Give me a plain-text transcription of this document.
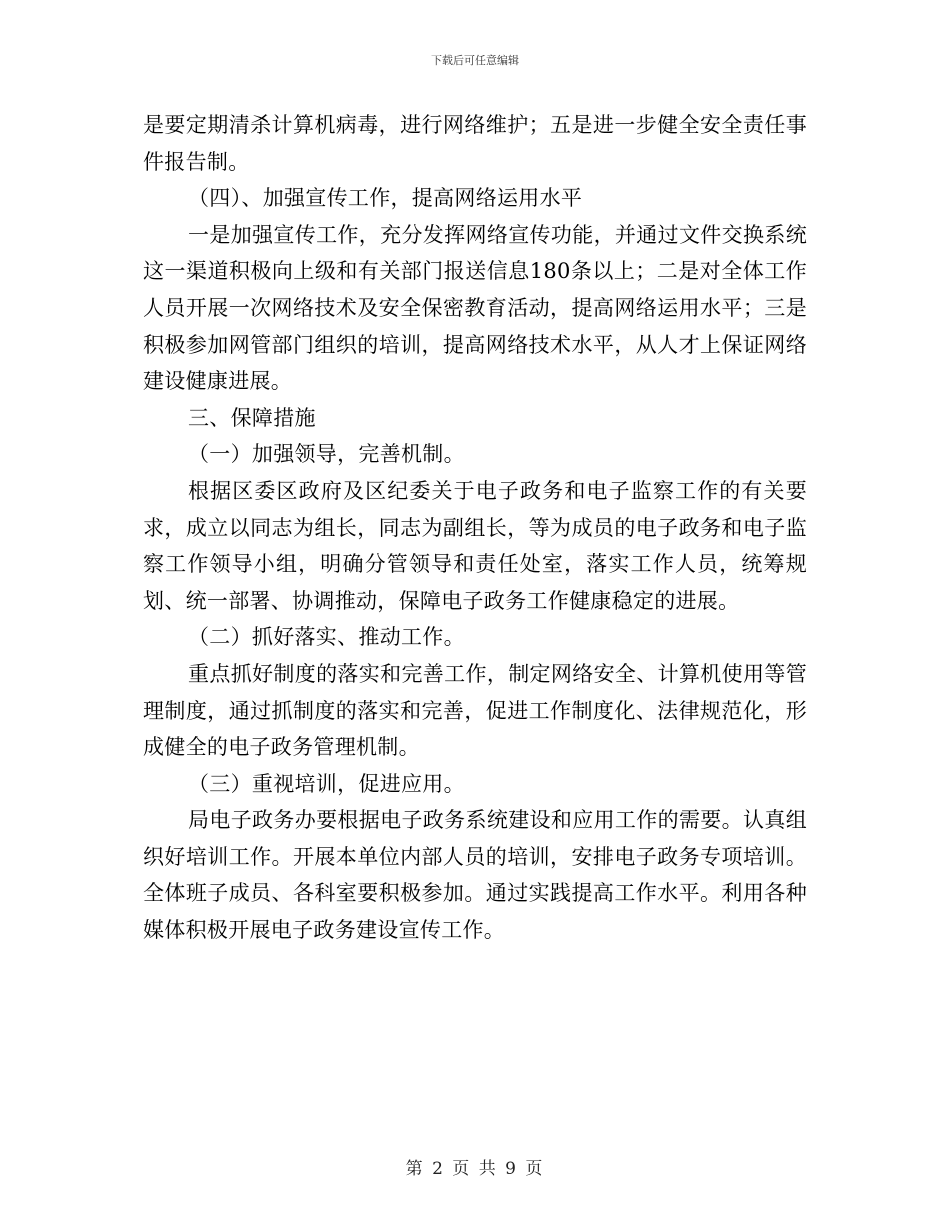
下载后可任意编辑

是要定期清杀计算机病毒，进行网络维护；五是进一步健全安全责任事件报告制。

（四）、加强宣传工作，提高网络运用水平

一是加强宣传工作，充分发挥网络宣传功能，并通过文件交换系统这一渠道积极向上级和有关部门报送信息180条以上；二是对全体工作人员开展一次网络技术及安全保密教育活动，提高网络运用水平；三是积极参加网管部门组织的培训，提高网络技术水平，从人才上保证网络建设健康进展。

三、保障措施

（一）加强领导，完善机制。

根据区委区政府及区纪委关于电子政务和电子监察工作的有关要求，成立以同志为组长，同志为副组长，等为成员的电子政务和电子监察工作领导小组，明确分管领导和责任处室，落实工作人员，统筹规划、统一部署、协调推动，保障电子政务工作健康稳定的进展。

（二）抓好落实、推动工作。

重点抓好制度的落实和完善工作，制定网络安全、计算机使用等管理制度，通过抓制度的落实和完善，促进工作制度化、法律规范化，形成健全的电子政务管理机制。

（三）重视培训，促进应用。

局电子政务办要根据电子政务系统建设和应用工作的需要。认真组织好培训工作。开展本单位内部人员的培训，安排电子政务专项培训。全体班子成员、各科室要积极参加。通过实践提高工作水平。利用各种媒体积极开展电子政务建设宣传工作。

第 2 页 共 9 页
